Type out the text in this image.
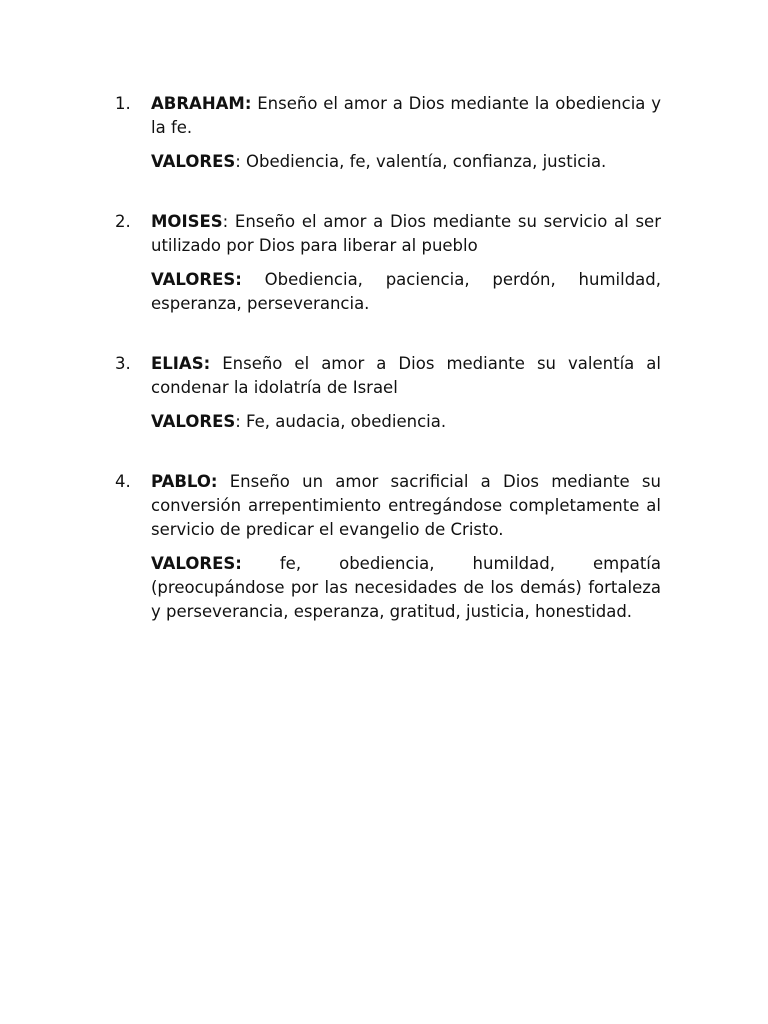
1. ABRAHAM: Enseño el amor a Dios mediante la obediencia y la fe.

VALORES: Obediencia, fe, valentía, confianza, justicia.

2. MOISES: Enseño el amor a Dios mediante su servicio al ser utilizado por Dios para liberar al pueblo

VALORES: Obediencia, paciencia, perdón, humildad, esperanza, perseverancia.

3. ELIAS: Enseño el amor a Dios mediante su valentía al condenar la idolatría de Israel

VALORES: Fe, audacia, obediencia.

4. PABLO: Enseño un amor sacrificial a Dios mediante su conversión arrepentimiento entregándose completamente al servicio de predicar el evangelio de Cristo.

VALORES: fe, obediencia, humildad, empatía (preocupándose por las necesidades de los demás) fortaleza y perseverancia, esperanza, gratitud, justicia, honestidad.
